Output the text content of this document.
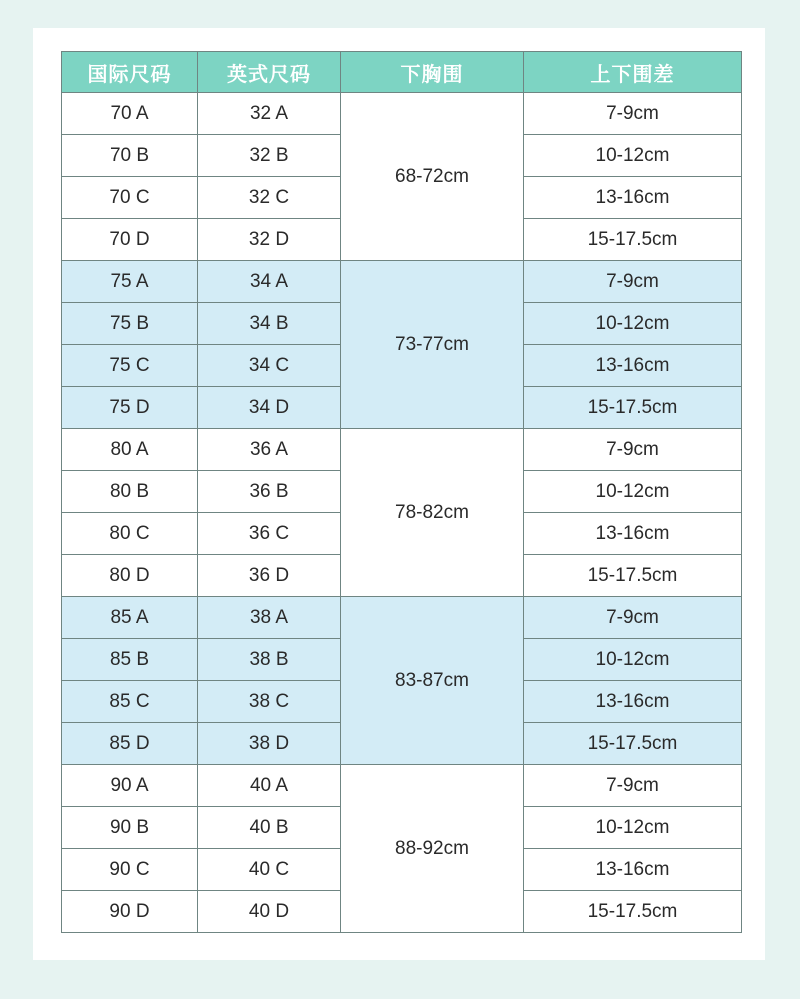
国际尺码	英式尺码	下胸围	上下围差
70 A	32 A	68-72cm	7-9cm
70 B	32 B		10-12cm
70 C	32 C		13-16cm
70 D	32 D		15-17.5cm
75 A	34 A	73-77cm	7-9cm
75 B	34 B		10-12cm
75 C	34 C		13-16cm
75 D	34 D		15-17.5cm
80 A	36 A	78-82cm	7-9cm
80 B	36 B		10-12cm
80 C	36 C		13-16cm
80 D	36 D		15-17.5cm
85 A	38 A	83-87cm	7-9cm
85 B	38 B		10-12cm
85 C	38 C		13-16cm
85 D	38 D		15-17.5cm
90 A	40 A	88-92cm	7-9cm
90 B	40 B		10-12cm
90 C	40 C		13-16cm
90 D	40 D		15-17.5cm
